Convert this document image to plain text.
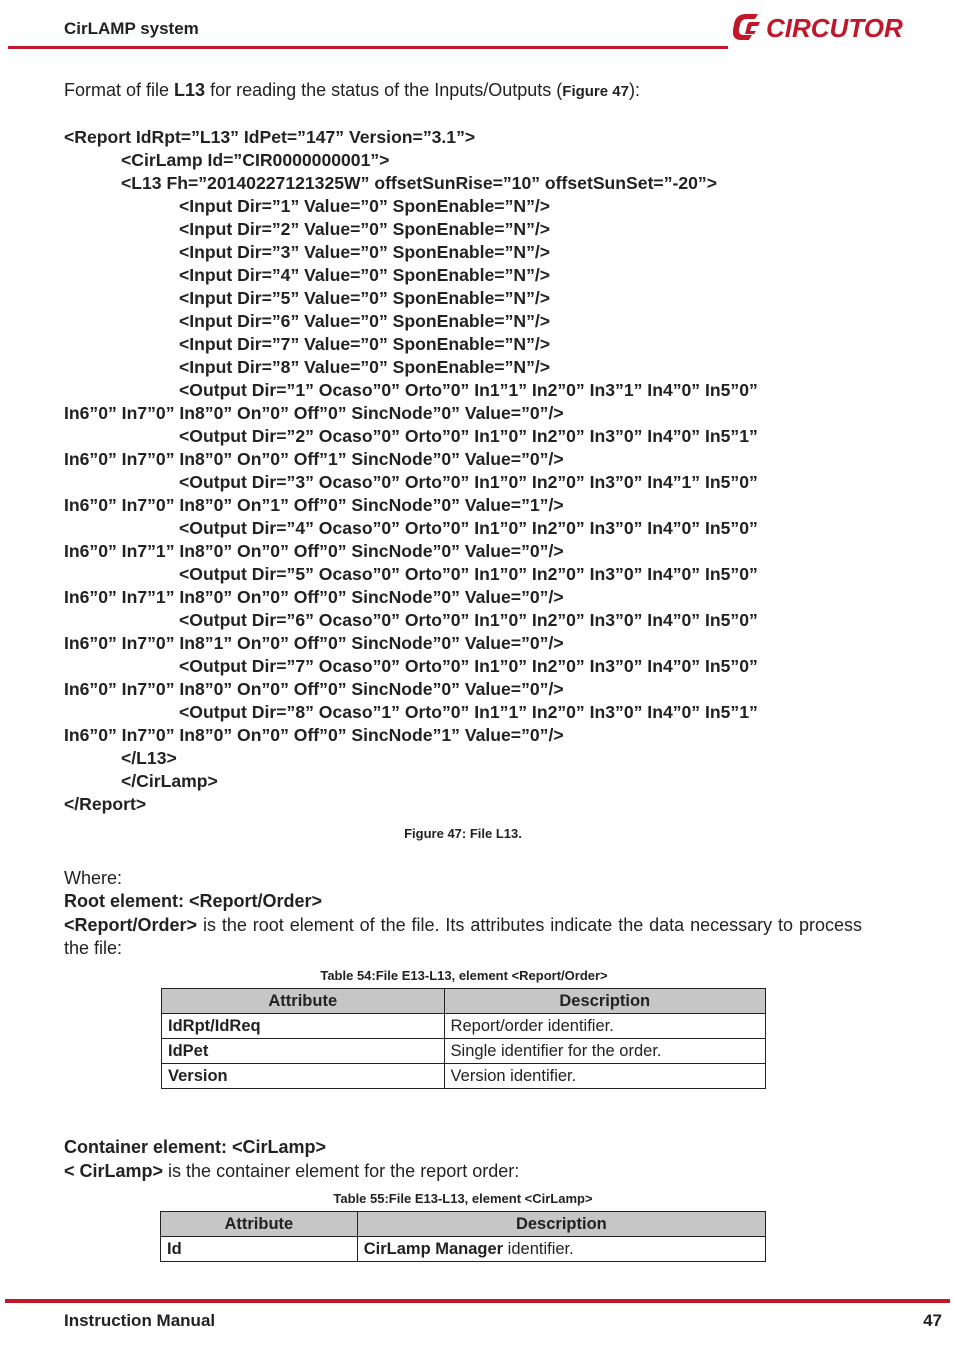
CirLAMP system	CIRCUTOR
Format of file L13 for reading the status of the Inputs/Outputs (Figure 47):
<Report IdRpt=”L13” IdPet=”147” Version=”3.1”>
<CirLamp Id=”CIR0000000001”>
<L13 Fh=”20140227121325W” offsetSunRise=”10” offsetSunSet=”-20”>
<Input Dir=”1” Value=”0” SponEnable=”N”/>
<Input Dir=”2” Value=”0” SponEnable=”N”/>
<Input Dir=”3” Value=”0” SponEnable=”N”/>
<Input Dir=”4” Value=”0” SponEnable=”N”/>
<Input Dir=”5” Value=”0” SponEnable=”N”/>
<Input Dir=”6” Value=”0” SponEnable=”N”/>
<Input Dir=”7” Value=”0” SponEnable=”N”/>
<Input Dir=”8” Value=”0” SponEnable=”N”/>
<Output Dir=”1” Ocaso”0” Orto”0” In1”1” In2”0” In3”1” In4”0” In5”0”
In6”0” In7”0” In8”0” On”0” Off”0” SincNode”0” Value=”0”/>
<Output Dir=”2” Ocaso”0” Orto”0” In1”0” In2”0” In3”0” In4”0” In5”1”
In6”0” In7”0” In8”0” On”0” Off”1” SincNode”0” Value=”0”/>
<Output Dir=”3” Ocaso”0” Orto”0” In1”0” In2”0” In3”0” In4”1” In5”0”
In6”0” In7”0” In8”0” On”1” Off”0” SincNode”0” Value=”1”/>
<Output Dir=”4” Ocaso”0” Orto”0” In1”0” In2”0” In3”0” In4”0” In5”0”
In6”0” In7”1” In8”0” On”0” Off”0” SincNode”0” Value=”0”/>
<Output Dir=”5” Ocaso”0” Orto”0” In1”0” In2”0” In3”0” In4”0” In5”0”
In6”0” In7”1” In8”0” On”0” Off”0” SincNode”0” Value=”0”/>
<Output Dir=”6” Ocaso”0” Orto”0” In1”0” In2”0” In3”0” In4”0” In5”0”
In6”0” In7”0” In8”1” On”0” Off”0” SincNode”0” Value=”0”/>
<Output Dir=”7” Ocaso”0” Orto”0” In1”0” In2”0” In3”0” In4”0” In5”0”
In6”0” In7”0” In8”0” On”0” Off”0” SincNode”0” Value=”0”/>
<Output Dir=”8” Ocaso”1” Orto”0” In1”1” In2”0” In3”0” In4”0” In5”1”
In6”0” In7”0” In8”0” On”0” Off”0” SincNode”1” Value=”0”/>
</L13>
</CirLamp>
</Report>
Figure 47: File L13.
Where:
Root element: <Report/Order>
<Report/Order> is the root element of the file. Its attributes indicate the data necessary to process the file:
Table 54:File E13-L13, element <Report/Order>
Attribute	Description
IdRpt/IdReq	Report/order identifier.
IdPet	Single identifier for the order.
Version	Version identifier.
Container element: <CirLamp>
< CirLamp> is the container element for the report order:
Table 55:File E13-L13, element <CirLamp>
Attribute	Description
Id	CirLamp Manager identifier.
Instruction Manual	47
